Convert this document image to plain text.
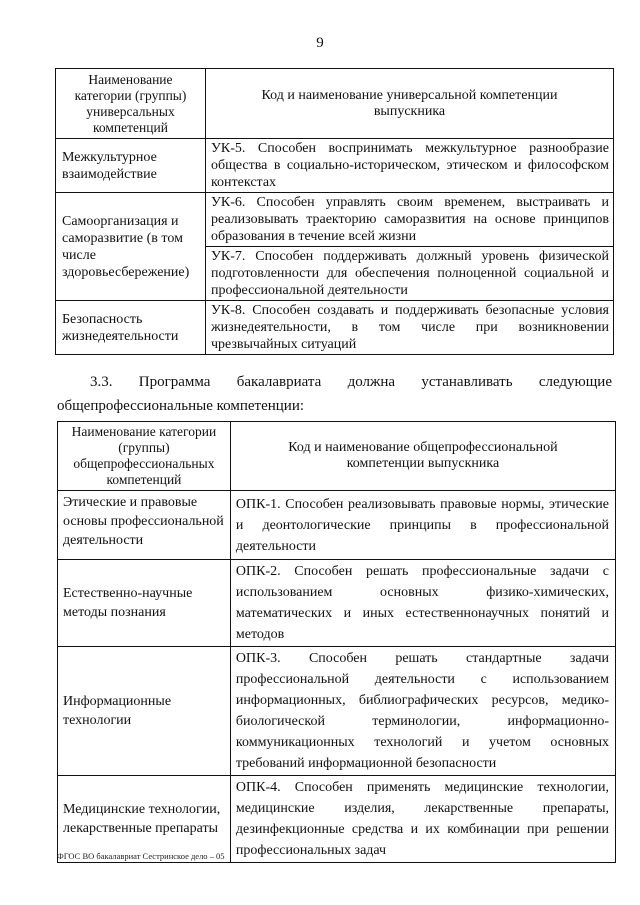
9
Наименование категории (группы) универсальных компетенций	Код и наименование универсальной компетенции выпускника
Межкультурное взаимодействие	УК-5. Способен воспринимать межкультурное разнообразие общества в социально-историческом, этическом и философском контекстах
Самоорганизация и саморазвитие (в том числе здоровьесбережение)	УК-6. Способен управлять своим временем, выстраивать и реализовывать траекторию саморазвития на основе принципов образования в течение всей жизни
	УК-7. Способен поддерживать должный уровень физической подготовленности для обеспечения полноценной социальной и профессиональной деятельности
Безопасность жизнедеятельности	УК-8. Способен создавать и поддерживать безопасные условия жизнедеятельности, в том числе при возникновении чрезвычайных ситуаций
3.3. Программа бакалавриата должна устанавливать следующие
общепрофессиональные компетенции:
Наименование категории (группы) общепрофессиональных компетенций	Код и наименование общепрофессиональной компетенции выпускника
Этические и правовые основы профессиональной деятельности	ОПК-1. Способен реализовывать правовые нормы, этические и деонтологические принципы в профессиональной деятельности
Естественно-научные методы познания	ОПК-2. Способен решать профессиональные задачи с использованием основных физико-химических, математических и иных естественнонаучных понятий и методов
Информационные технологии	ОПК-3. Способен решать стандартные задачи профессиональной деятельности с использованием информационных, библиографических ресурсов, медико-биологической терминологии, информационно-коммуникационных технологий и учетом основных требований информационной безопасности
Медицинские технологии, лекарственные препараты	ОПК-4. Способен применять медицинские технологии, медицинские изделия, лекарственные препараты, дезинфекционные средства и их комбинации при решении профессиональных задач
ФГОС ВО бакалавриат Сестринское дело – 05
